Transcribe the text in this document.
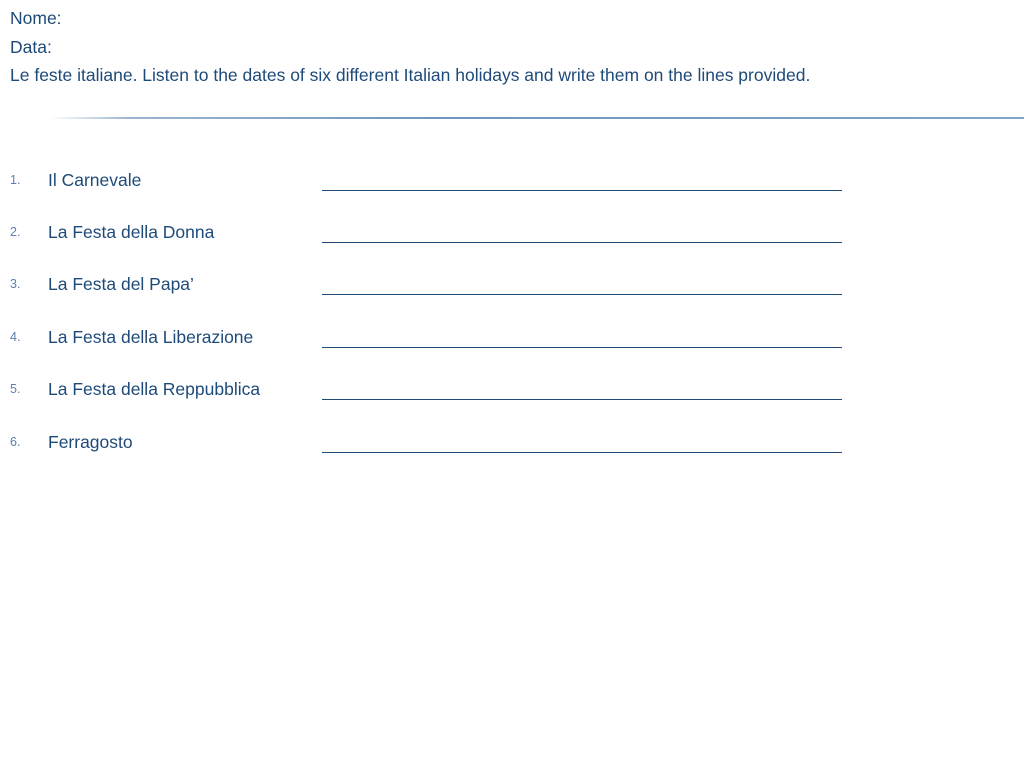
Nome:
Data:
Le feste italiane. Listen to the dates of six different Italian holidays and write them on the lines provided.
1. Il Carnevale
2. La Festa della Donna
3. La Festa del Papa’
4. La Festa della Liberazione
5. La Festa della Reppubblica
6. Ferragosto
